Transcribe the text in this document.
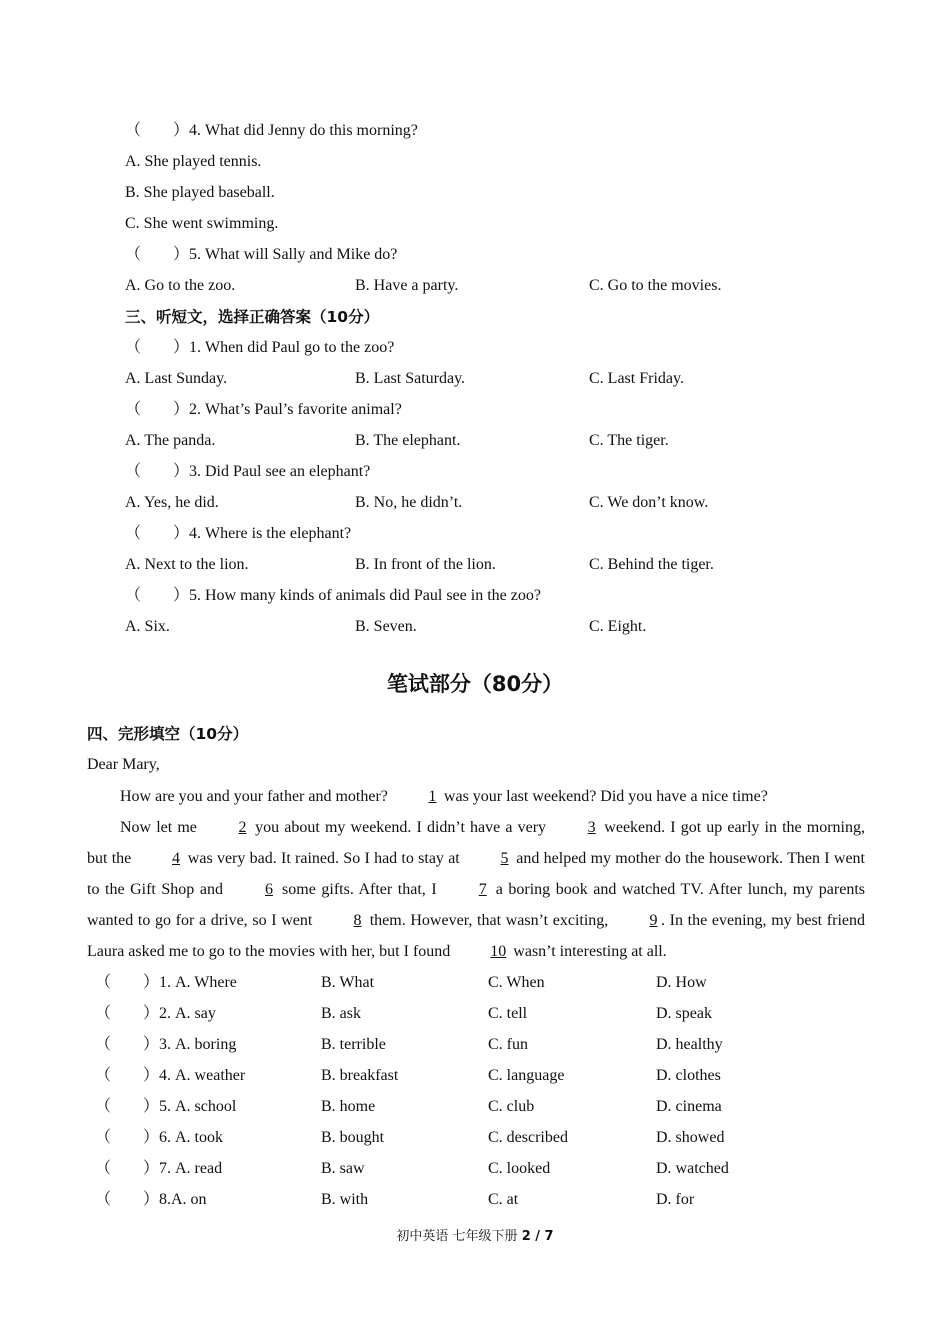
（　　）4. What did Jenny do this morning?
A. She played tennis.
B. She played baseball.
C. She went swimming.
（　　）5. What will Sally and Mike do?
A. Go to the zoo.	B. Have a party.	C. Go to the movies.
三、听短文，选择正确答案（10分）
（　　）1. When did Paul go to the zoo?
A. Last Sunday.	B. Last Saturday.	C. Last Friday.
（　　）2. What’s Paul’s favorite animal?
A. The panda.	B. The elephant.	C. The tiger.
（　　）3. Did Paul see an elephant?
A. Yes, he did.	B. No, he didn’t.	C. We don’t know.
（　　）4. Where is the elephant?
A. Next to the lion.	B. In front of the lion.	C. Behind the tiger.
（　　）5. How many kinds of animals did Paul see in the zoo?
A. Six.	B. Seven.	C. Eight.
笔试部分（80分）
四、完形填空（10分）
Dear Mary,
How are you and your father and mother? 1 was your last weekend? Did you have a nice time?
Now let me 2 you about my weekend. I didn’t have a very 3 weekend. I got up early in the morning, but the 4 was very bad. It rained. So I had to stay at 5 and helped my mother do the housework. Then I went to the Gift Shop and 6 some gifts. After that, I 7 a boring book and watched TV. After lunch, my parents wanted to go for a drive, so I went 8 them. However, that wasn’t exciting, 9 . In the evening, my best friend Laura asked me to go to the movies with her, but I found 10 wasn’t interesting at all.
（　　）1. A. Where	B. What	C. When	D. How
（　　）2. A. say	B. ask	C. tell	D. speak
（　　）3. A. boring	B. terrible	C. fun	D. healthy
（　　）4. A. weather	B. breakfast	C. language	D. clothes
（　　）5. A. school	B. home	C. club	D. cinema
（　　）6. A. took	B. bought	C. described	D. showed
（　　）7. A. read	B. saw	C. looked	D. watched
（　　）8.A. on	B. with	C. at	D. for
初中英语 七年级下册 2 / 7
